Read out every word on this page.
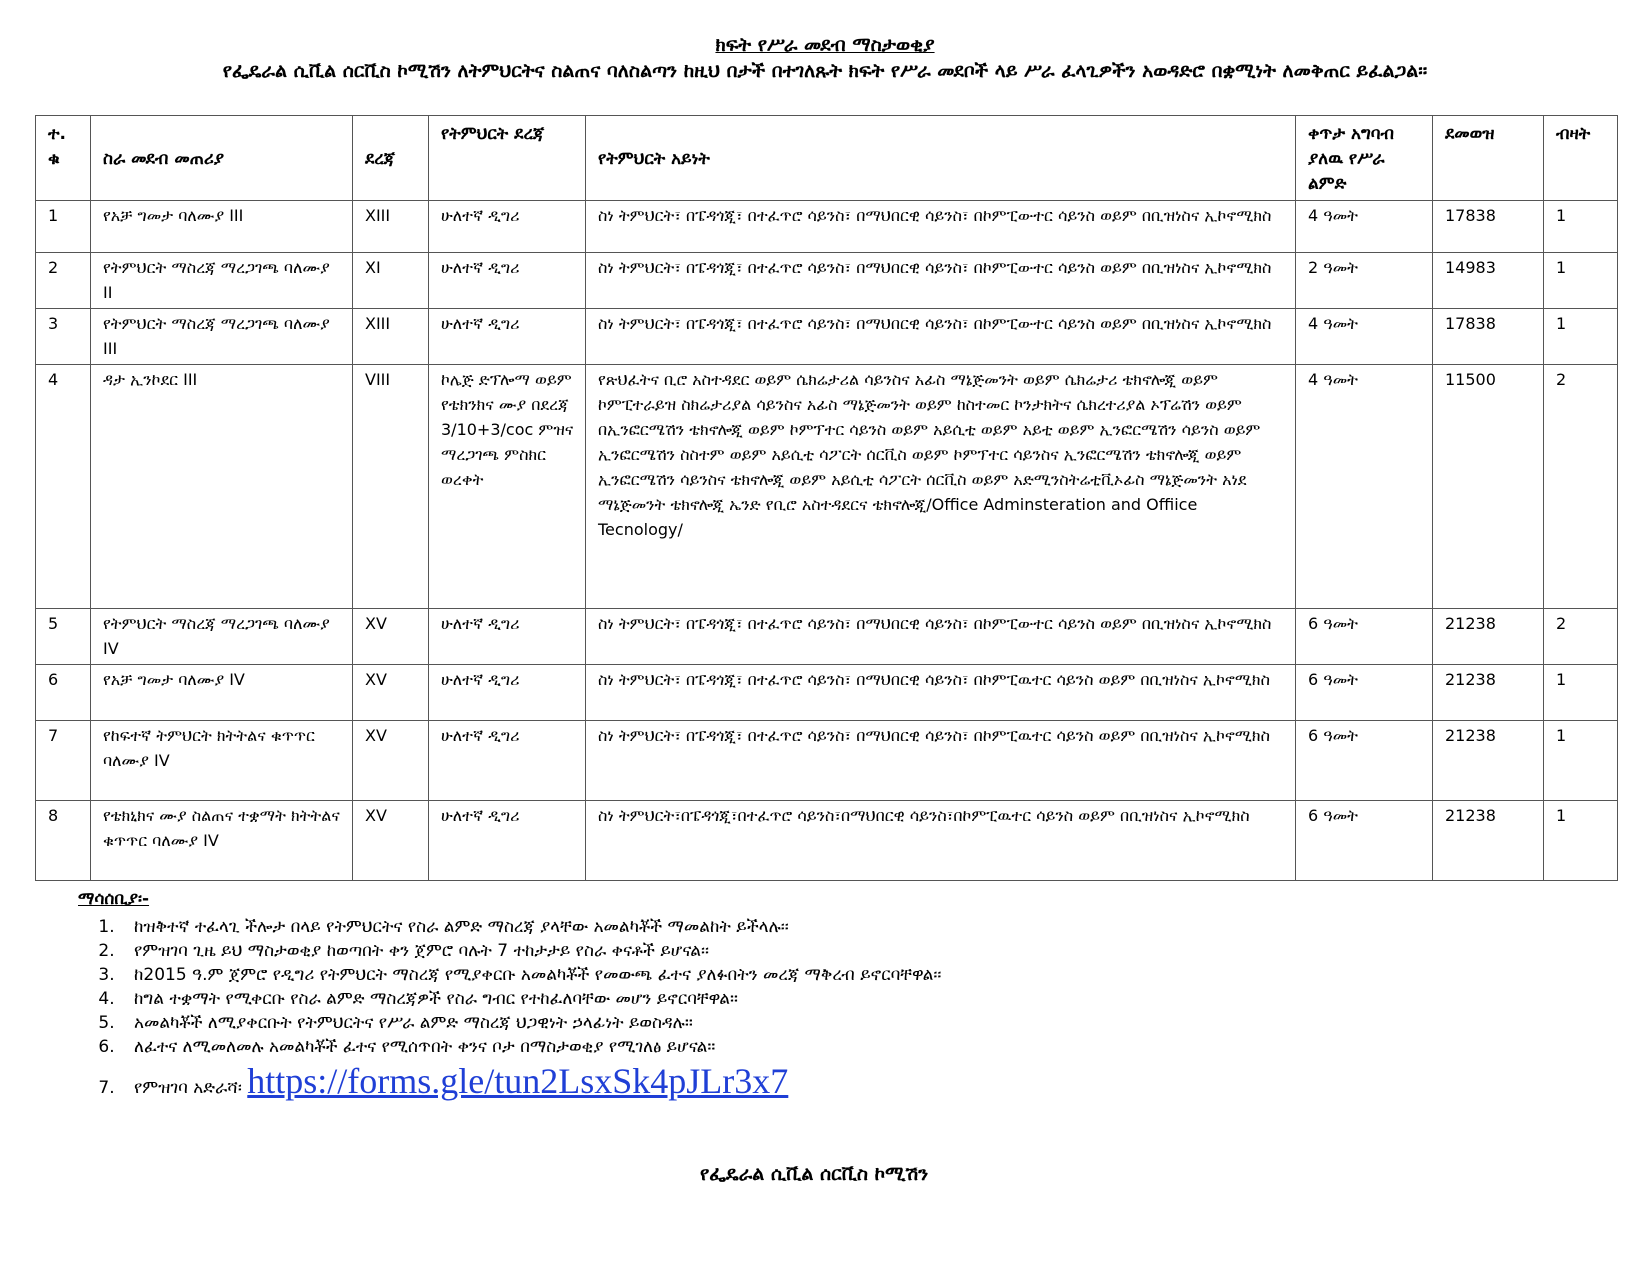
ክፍት የሥራ መደብ ማስታወቂያ
የፌዴራል ሲቪል ሰርቪስ ኮሚሽን ለትምህርትና ስልጠና ባለስልጣን ከዚህ በታች በተገለጹት ክፍት የሥራ መደቦች ላይ ሥራ ፈላጊዎችን አወዳድሮ በቋሚነት ለመቅጠር ይፈልጋል፡፡
ተ. ቁ	ስራ መደብ መጠሪያ	ደረጃ	የትምህርት ደረጃ	የትምህርት አይነት	ቀጥታ አግባብ ያለዉ የሥራ ልምድ	ደመወዝ	ብዛት
1	የአቻ ግመታ ባለሙያ III	XIII	ሁለተኛ ዲግሪ	ስነ ትምህርት፣ በፔዳጎጂ፣ በተፈጥሮ ሳይንስ፣ በማህበርዊ ሳይንስ፣ በኮምፒውተር ሳይንስ ወይም በቢዝነስና ኢኮኖሚክስ	4 ዓመት	17838	1
2	የትምህርት ማስረጃ ማረጋገጫ ባለሙያ II	XI	ሁለተኛ ዲግሪ	ስነ ትምህርት፣ በፔዳጎጂ፣ በተፈጥሮ ሳይንስ፣ በማህበርዊ ሳይንስ፣ በኮምፒውተር ሳይንስ ወይም በቢዝነስና ኢኮኖሚክስ	2 ዓመት	14983	1
3	የትምህርት ማስረጃ ማረጋገጫ ባለሙያ III	XIII	ሁለተኛ ዲግሪ	ስነ ትምህርት፣ በፔዳጎጂ፣ በተፈጥሮ ሳይንስ፣ በማህበርዊ ሳይንስ፣ በኮምፒውተር ሳይንስ ወይም በቢዝነስና ኢኮኖሚክስ	4 ዓመት	17838	1
4	ዳታ ኢንኮደር III	VIII	ኮሌጅ ድፕሎማ ወይም የቴክንክና ሙያ በደረጃ 3/10+3/coc ምዝና ማረጋገጫ ምስክር ወረቀት	የጽህፈትና ቢሮ አስተዳደር ወይም ሴክሬታሪል ሳይንስና አፊስ ማኔጅመንት ወይም ሴክሬታሪ ቴክኖሎጂ ወይም ኮምፒተራይዝ ስክሬታሪያል ሳይንስና አፊስ ማኔጅመንት ወይም ከስተመር ኮንታክትና ሴክረተሪያል ኦፕሬሽን ወይም በኢንፎርሜሽን ቴክኖሎጂ ወይም ኮምፕተር ሳይንስ ወይም አይሲቲ ወይም አይቲ ወይም ኢንፎርሜሽን ሳይንስ ወይም ኢንፎርሜሽን ስስተም ወይም አይሲቲ ሳፖርት ሰርቪስ ወይም ኮምፕተር ሳይንስና ኢንፎርሜሽን ቴክኖሎጂ ወይም ኢንፎርሜሽን ሳይንስና ቴክኖሎጂ ወይም አይሲቲ ሳፖርት ሰርቪስ ወይም አድሚንስትሬቲቪኦፊስ ማኔጅመንት አነደ ማኔጅመንት ቴክኖሎጂ ኤንድ የቢሮ አስተዳደርና ቴክኖሎጂ/Office Adminsteration and Offiice Tecnology/	4 ዓመት	11500	2
5	የትምህርት ማስረጃ ማረጋገጫ ባለሙያ IV	XV	ሁለተኛ ዲግሪ	ስነ ትምህርት፣ በፔዳጎጂ፣ በተፈጥሮ ሳይንስ፣ በማህበርዊ ሳይንስ፣ በኮምፒውተር ሳይንስ ወይም በቢዝነስና ኢኮኖሚክስ	6 ዓመት	21238	2
6	የአቻ ግመታ ባለሙያ IV	XV	ሁለተኛ ዲግሪ	ስነ ትምህርት፣ በፔዳጎጂ፣ በተፈጥሮ ሳይንስ፣ በማህበርዊ ሳይንስ፣ በኮምፒዉተር ሳይንስ ወይም በቢዝነስና ኢኮኖሚክስ	6 ዓመት	21238	1
7	የከፍተኛ ትምህርት ክትትልና ቁጥጥር ባለሙያ IV	XV	ሁለተኛ ዲግሪ	ስነ ትምህርት፣ በፔዳጎጂ፣ በተፈጥሮ ሳይንስ፣ በማህበርዊ ሳይንስ፣ በኮምፒዉተር ሳይንስ ወይም በቢዝነስና ኢኮኖሚክስ	6 ዓመት	21238	1
8	የቴክኒክና ሙያ ስልጠና ተቋማት ክትትልና ቁጥጥር ባለሙያ IV	XV	ሁለተኛ ዲግሪ	ስነ ትምህርት፣በፔዳጎጂ፣በተፈጥሮ ሳይንስ፣በማህበርዊ ሳይንስ፣በኮምፒዉተር ሳይንስ ወይም በቢዝነስና ኢኮኖሚክስ	6 ዓመት	21238	1
ማሳሰቢያ፡-
1. ከዝቅተኛ ተፈላጊ ችሎታ በላይ የትምህርትና የስራ ልምድ ማስረጃ ያላቸው አመልካቾች ማመልከት ይችላሉ፡፡
2. የምዝገባ ጊዜ ይህ ማስታወቂያ ከወጣበት ቀን ጀምሮ ባሉት 7 ተከታታይ የስራ ቀናቶች ይሆናል፡፡
3. ከ2015 ዓ.ም ጀምሮ የዲግሪ የትምህርት ማስረጃ የሚያቀርቡ አመልካቾች የመውጫ ፈተና ያለፉበትን መረጃ ማቅረብ ይኖርባቸዋል፡፡
4. ከግል ተቋማት የሚቀርቡ የስራ ልምድ ማስረጃዎች የስራ ግብር የተከፈለባቸው መሆን ይኖርባቸዋል።
5. አመልካቾች ለሚያቀርቡት የትምህርትና የሥራ ልምድ ማስረጃ ህጋዊነት ኃላፊነት ይወስዳሉ።
6. ለፈተና ለሚመለመሉ አመልካቾች ፈተና የሚሰጥበት ቀንና ቦታ በማስታወቂያ የሚገለፅ ይሆናል።
7. የምዝገባ አድራሻ፡ https://forms.gle/tun2LsxSk4pJLr3x7
የፌዴራል ሲቪል ሰርቪስ ኮሚሽን
